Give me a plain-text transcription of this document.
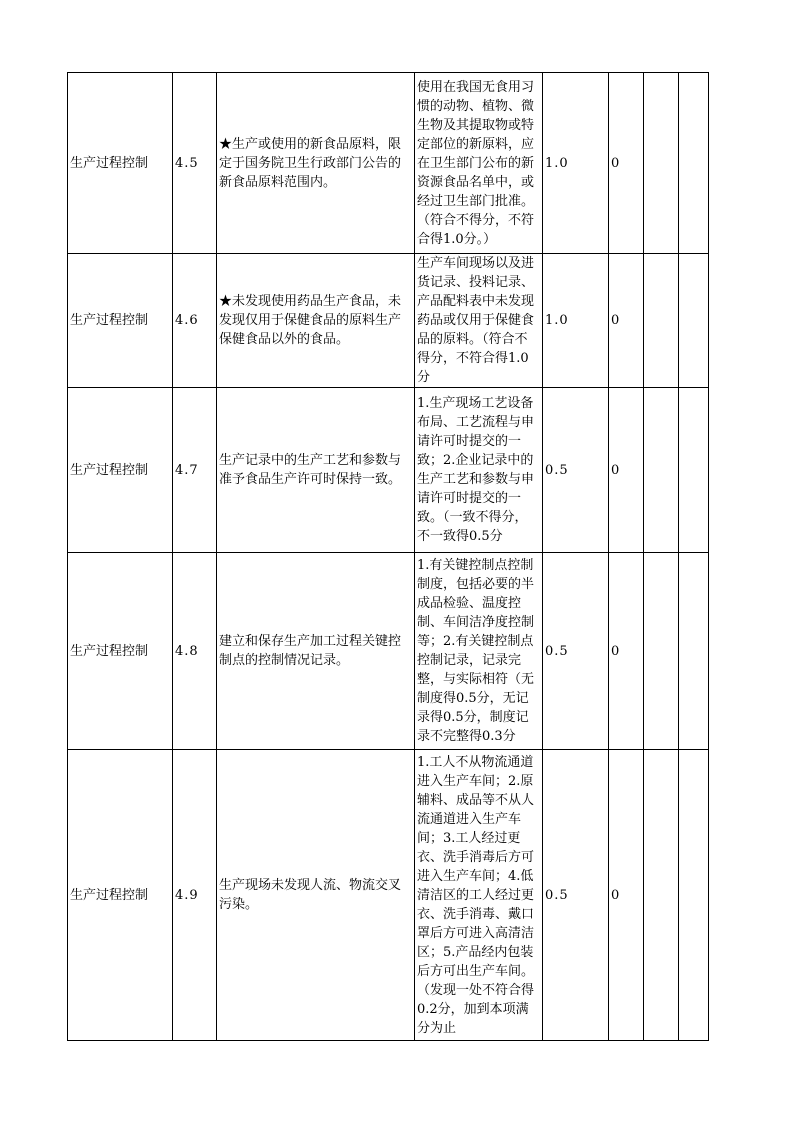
生产过程控制	4.5	★生产或使用的新食品原料，限定于国务院卫生行政部门公告的新食品原料范围内。	使用在我国无食用习惯的动物、植物、微生物及其提取物或特定部位的新原料，应在卫生部门公布的新资源食品名单中，或经过卫生部门批准。（符合不得分，不符合得1.0分。）	1.0	0		
生产过程控制	4.6	★未发现使用药品生产食品，未发现仅用于保健食品的原料生产保健食品以外的食品。	生产车间现场以及进货记录、投料记录、产品配料表中未发现药品或仅用于保健食品的原料。（符合不得分，不符合得1.0分	1.0	0		
生产过程控制	4.7	生产记录中的生产工艺和参数与准予食品生产许可时保持一致。	1.生产现场工艺设备布局、工艺流程与申请许可时提交的一致；2.企业记录中的生产工艺和参数与申请许可时提交的一致。（一致不得分，不一致得0.5分	0.5	0		
生产过程控制	4.8	建立和保存生产加工过程关键控制点的控制情况记录。	1.有关键控制点控制制度，包括必要的半成品检验、温度控制、车间洁净度控制等；2.有关键控制点控制记录，记录完整，与实际相符（无制度得0.5分，无记录得0.5分，制度记录不完整得0.3分	0.5	0		
生产过程控制	4.9	生产现场未发现人流、物流交叉污染。	1.工人不从物流通道进入生产车间；2.原辅料、成品等不从人流通道进入生产车间；3.工人经过更衣、洗手消毒后方可进入生产车间；4.低清洁区的工人经过更衣、洗手消毒、戴口罩后方可进入高清洁区；5.产品经内包装后方可出生产车间。（发现一处不符合得0.2分，加到本项满分为止	0.5	0		
